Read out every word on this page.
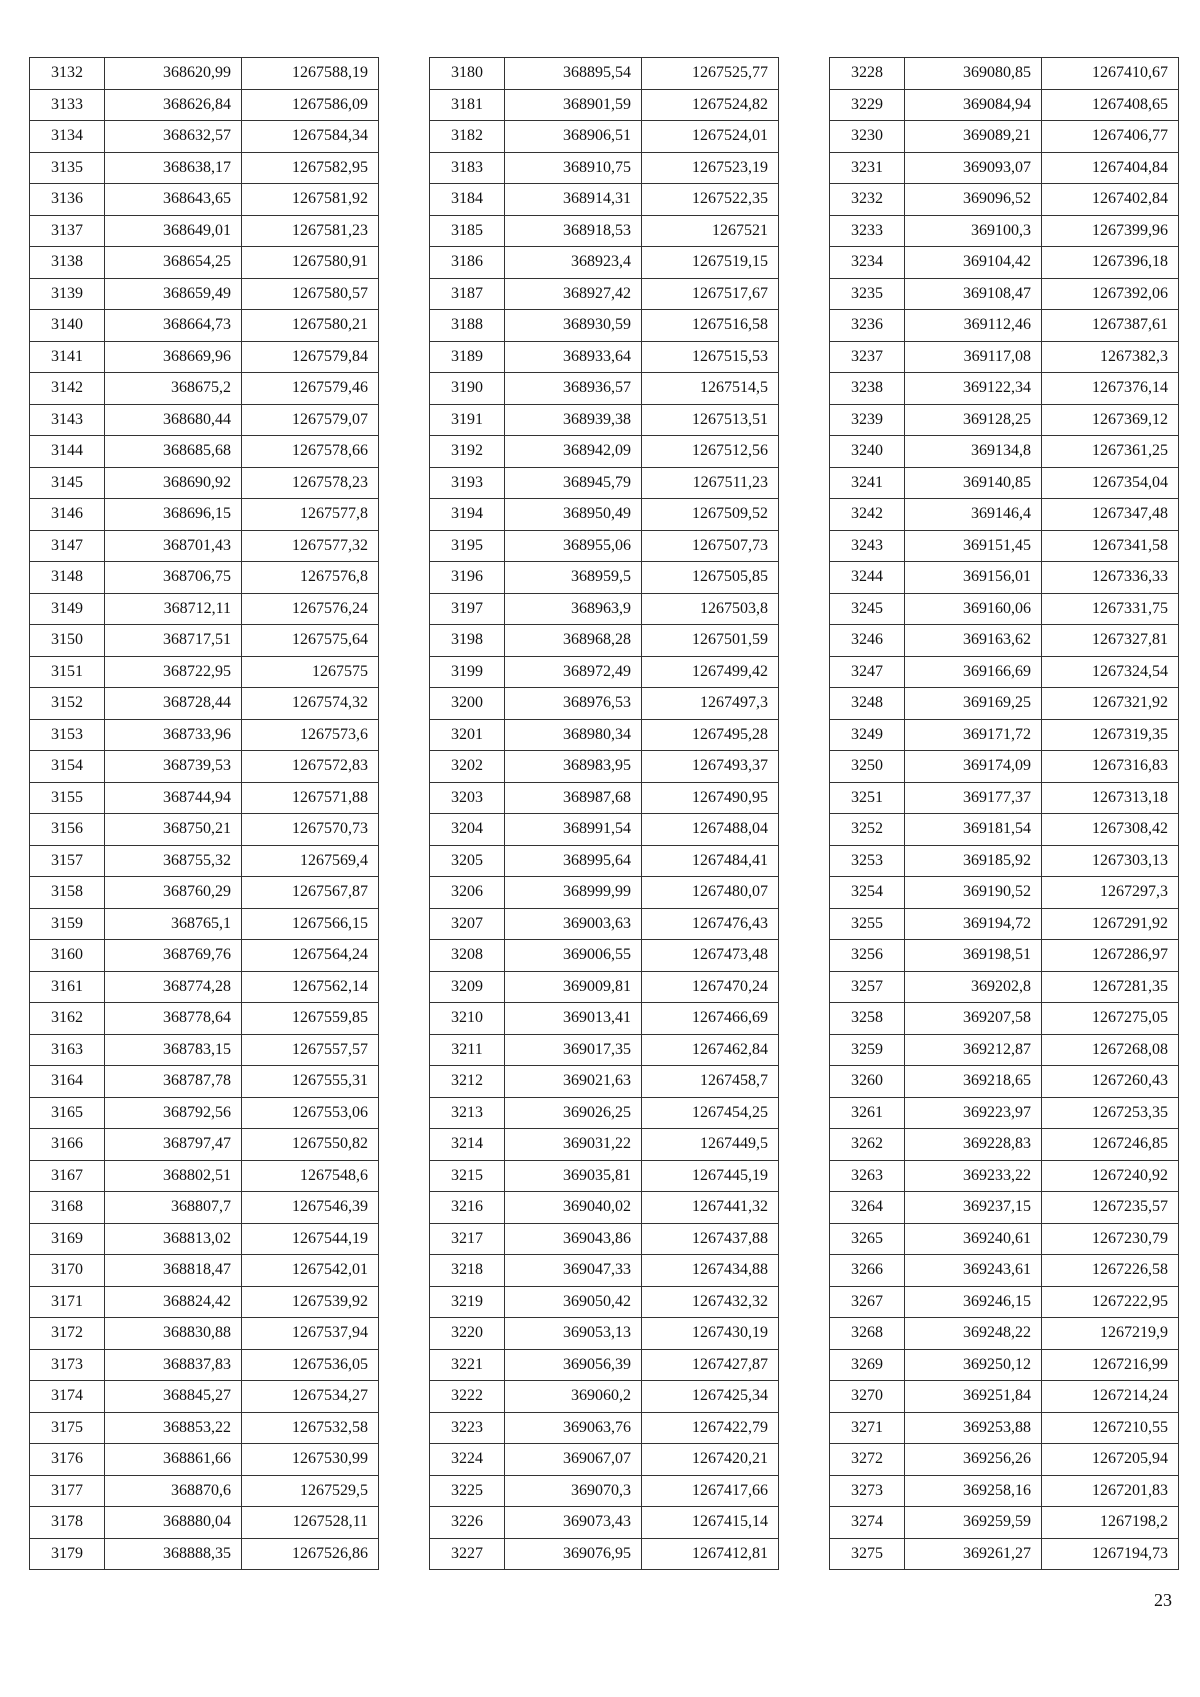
3132	368620,99	1267588,19
3133	368626,84	1267586,09
3134	368632,57	1267584,34
3135	368638,17	1267582,95
3136	368643,65	1267581,92
3137	368649,01	1267581,23
3138	368654,25	1267580,91
3139	368659,49	1267580,57
3140	368664,73	1267580,21
3141	368669,96	1267579,84
3142	368675,2	1267579,46
3143	368680,44	1267579,07
3144	368685,68	1267578,66
3145	368690,92	1267578,23
3146	368696,15	1267577,8
3147	368701,43	1267577,32
3148	368706,75	1267576,8
3149	368712,11	1267576,24
3150	368717,51	1267575,64
3151	368722,95	1267575
3152	368728,44	1267574,32
3153	368733,96	1267573,6
3154	368739,53	1267572,83
3155	368744,94	1267571,88
3156	368750,21	1267570,73
3157	368755,32	1267569,4
3158	368760,29	1267567,87
3159	368765,1	1267566,15
3160	368769,76	1267564,24
3161	368774,28	1267562,14
3162	368778,64	1267559,85
3163	368783,15	1267557,57
3164	368787,78	1267555,31
3165	368792,56	1267553,06
3166	368797,47	1267550,82
3167	368802,51	1267548,6
3168	368807,7	1267546,39
3169	368813,02	1267544,19
3170	368818,47	1267542,01
3171	368824,42	1267539,92
3172	368830,88	1267537,94
3173	368837,83	1267536,05
3174	368845,27	1267534,27
3175	368853,22	1267532,58
3176	368861,66	1267530,99
3177	368870,6	1267529,5
3178	368880,04	1267528,11
3179	368888,35	1267526,86
3180	368895,54	1267525,77
3181	368901,59	1267524,82
3182	368906,51	1267524,01
3183	368910,75	1267523,19
3184	368914,31	1267522,35
3185	368918,53	1267521
3186	368923,4	1267519,15
3187	368927,42	1267517,67
3188	368930,59	1267516,58
3189	368933,64	1267515,53
3190	368936,57	1267514,5
3191	368939,38	1267513,51
3192	368942,09	1267512,56
3193	368945,79	1267511,23
3194	368950,49	1267509,52
3195	368955,06	1267507,73
3196	368959,5	1267505,85
3197	368963,9	1267503,8
3198	368968,28	1267501,59
3199	368972,49	1267499,42
3200	368976,53	1267497,3
3201	368980,34	1267495,28
3202	368983,95	1267493,37
3203	368987,68	1267490,95
3204	368991,54	1267488,04
3205	368995,64	1267484,41
3206	368999,99	1267480,07
3207	369003,63	1267476,43
3208	369006,55	1267473,48
3209	369009,81	1267470,24
3210	369013,41	1267466,69
3211	369017,35	1267462,84
3212	369021,63	1267458,7
3213	369026,25	1267454,25
3214	369031,22	1267449,5
3215	369035,81	1267445,19
3216	369040,02	1267441,32
3217	369043,86	1267437,88
3218	369047,33	1267434,88
3219	369050,42	1267432,32
3220	369053,13	1267430,19
3221	369056,39	1267427,87
3222	369060,2	1267425,34
3223	369063,76	1267422,79
3224	369067,07	1267420,21
3225	369070,3	1267417,66
3226	369073,43	1267415,14
3227	369076,95	1267412,81
3228	369080,85	1267410,67
3229	369084,94	1267408,65
3230	369089,21	1267406,77
3231	369093,07	1267404,84
3232	369096,52	1267402,84
3233	369100,3	1267399,96
3234	369104,42	1267396,18
3235	369108,47	1267392,06
3236	369112,46	1267387,61
3237	369117,08	1267382,3
3238	369122,34	1267376,14
3239	369128,25	1267369,12
3240	369134,8	1267361,25
3241	369140,85	1267354,04
3242	369146,4	1267347,48
3243	369151,45	1267341,58
3244	369156,01	1267336,33
3245	369160,06	1267331,75
3246	369163,62	1267327,81
3247	369166,69	1267324,54
3248	369169,25	1267321,92
3249	369171,72	1267319,35
3250	369174,09	1267316,83
3251	369177,37	1267313,18
3252	369181,54	1267308,42
3253	369185,92	1267303,13
3254	369190,52	1267297,3
3255	369194,72	1267291,92
3256	369198,51	1267286,97
3257	369202,8	1267281,35
3258	369207,58	1267275,05
3259	369212,87	1267268,08
3260	369218,65	1267260,43
3261	369223,97	1267253,35
3262	369228,83	1267246,85
3263	369233,22	1267240,92
3264	369237,15	1267235,57
3265	369240,61	1267230,79
3266	369243,61	1267226,58
3267	369246,15	1267222,95
3268	369248,22	1267219,9
3269	369250,12	1267216,99
3270	369251,84	1267214,24
3271	369253,88	1267210,55
3272	369256,26	1267205,94
3273	369258,16	1267201,83
3274	369259,59	1267198,2
3275	369261,27	1267194,73
23
